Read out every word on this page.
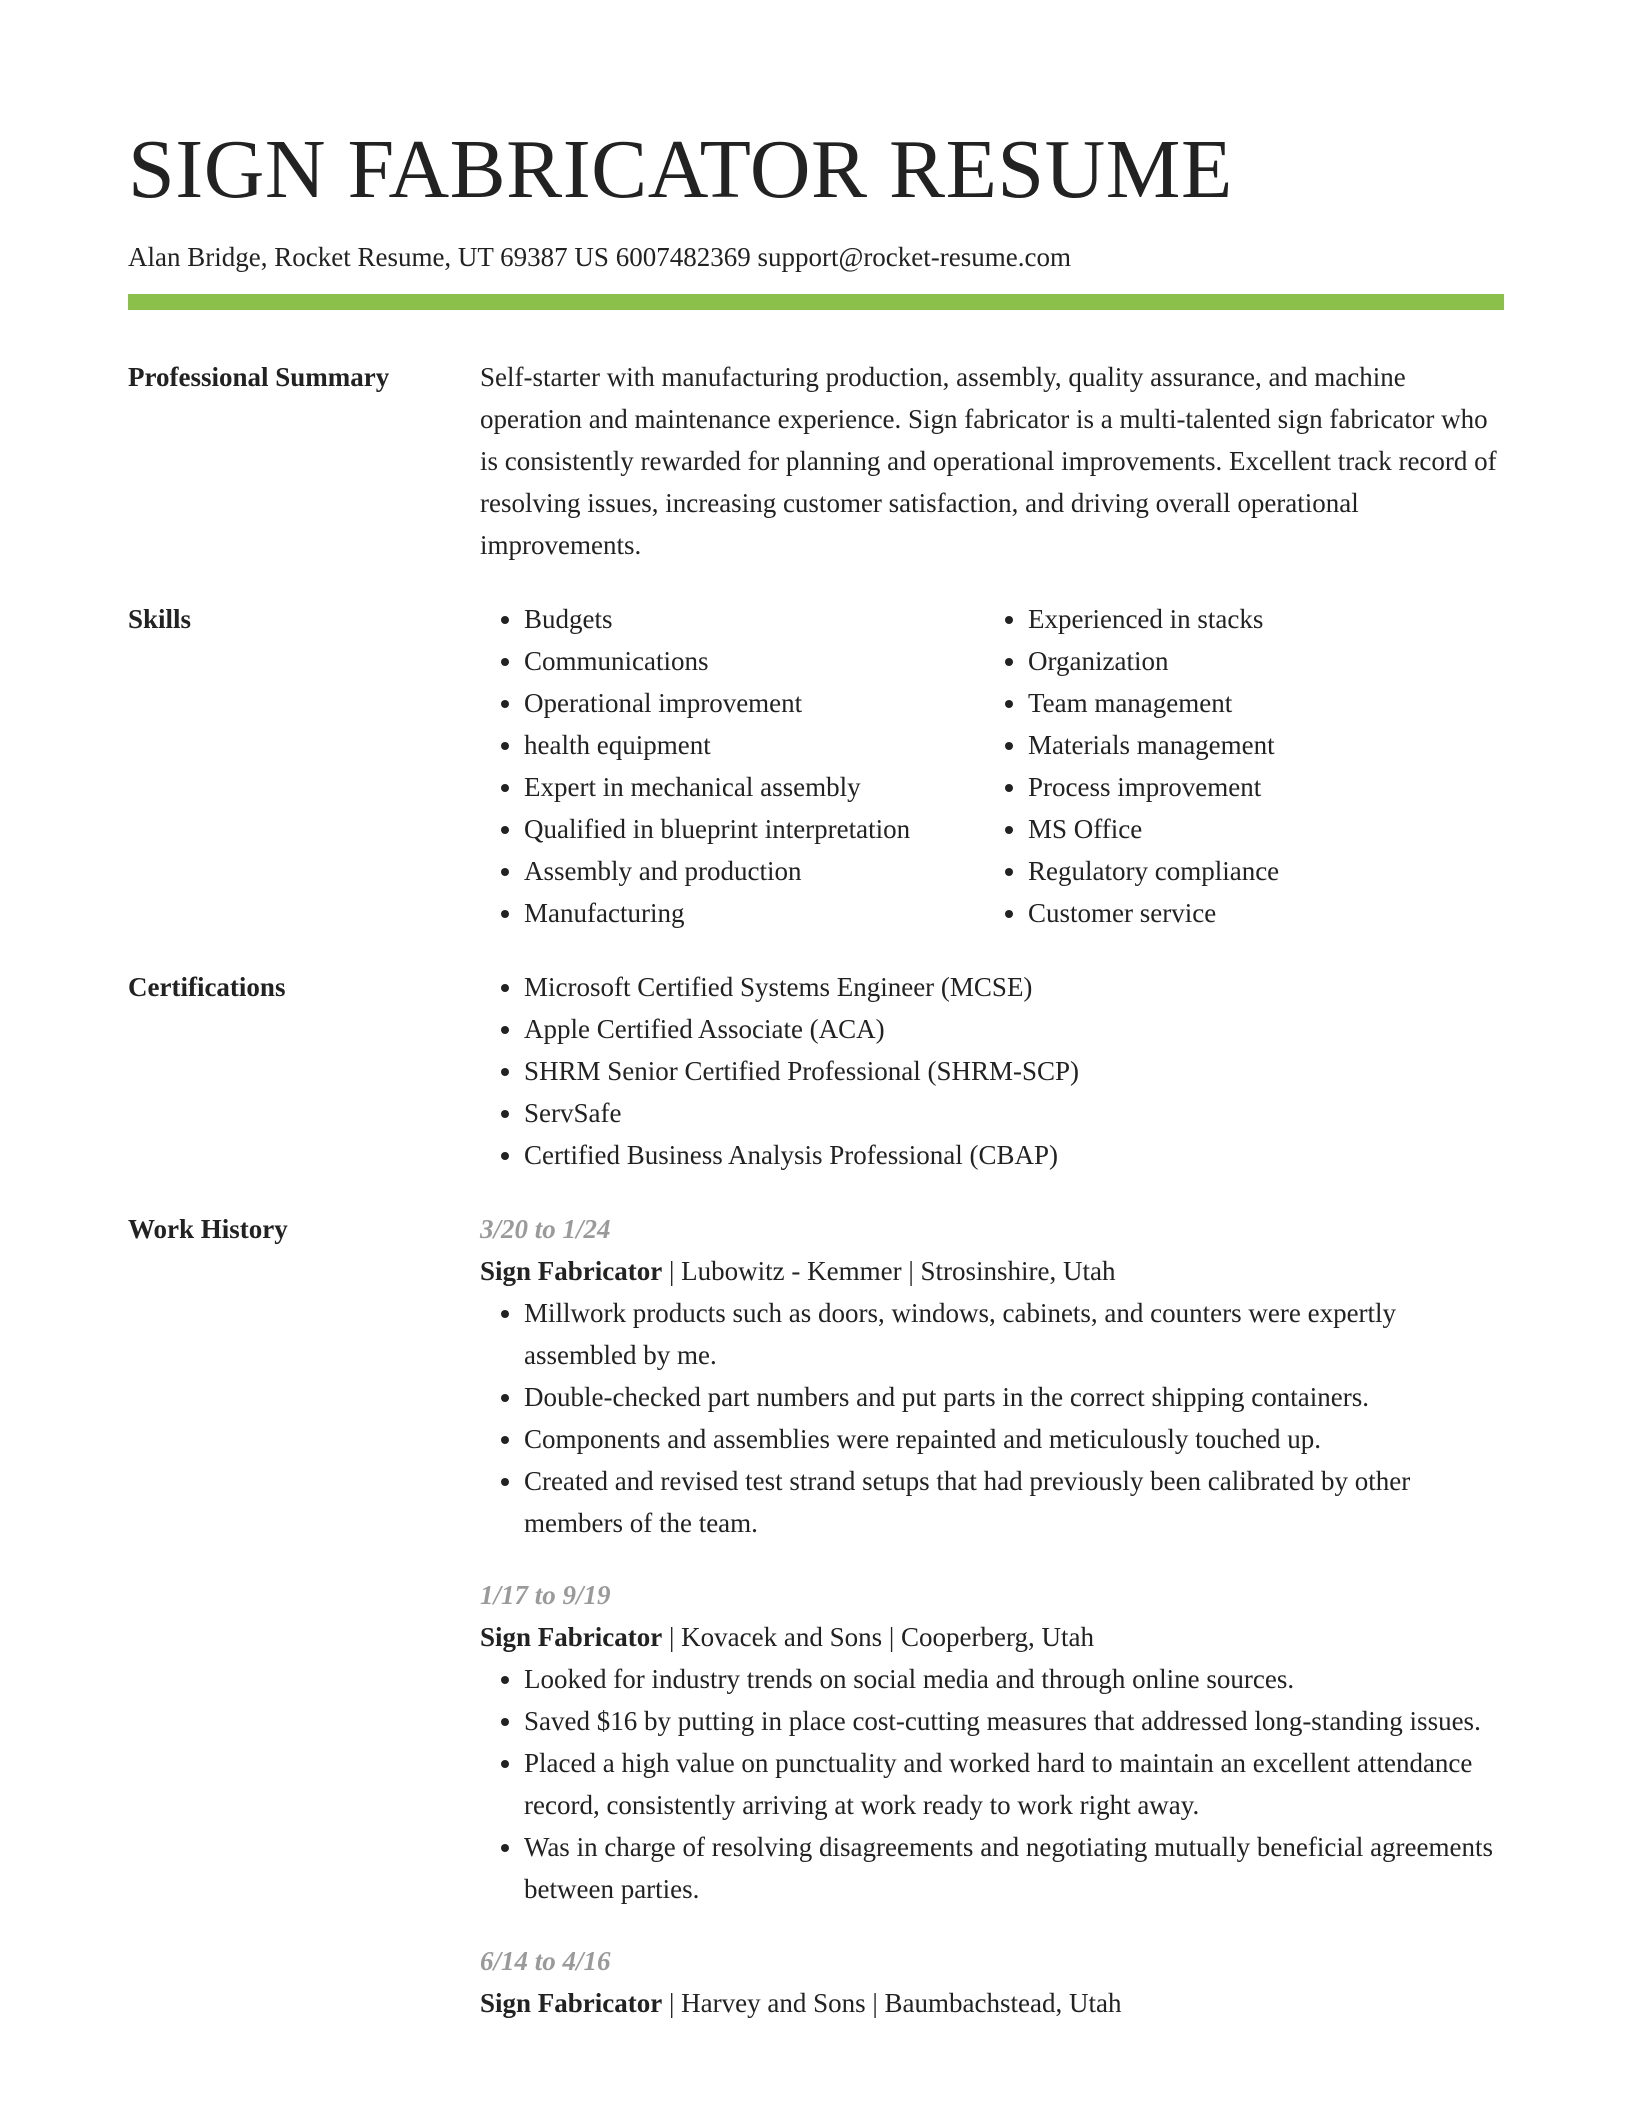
SIGN FABRICATOR RESUME
Alan Bridge, Rocket Resume, UT 69387 US 6007482369 support@rocket-resume.com
Professional Summary	Self-starter with manufacturing production, assembly, quality assurance, and machine operation and maintenance experience. Sign fabricator is a multi-talented sign fabricator who is consistently rewarded for planning and operational improvements. Excellent track record of resolving issues, increasing customer satisfaction, and driving overall operational improvements.

Skills	• Budgets
• Communications
• Operational improvement
• health equipment
• Expert in mechanical assembly
• Qualified in blueprint interpretation
• Assembly and production
• Manufacturing
• Experienced in stacks
• Organization
• Team management
• Materials management
• Process improvement
• MS Office
• Regulatory compliance
• Customer service
Certifications	• Microsoft Certified Systems Engineer (MCSE)
• Apple Certified Associate (ACA)
• SHRM Senior Certified Professional (SHRM-SCP)
• ServSafe
• Certified Business Analysis Professional (CBAP)
Work History	3/20 to 1/24
Sign Fabricator | Lubowitz - Kemmer | Strosinshire, Utah
• Millwork products such as doors, windows, cabinets, and counters were expertly assembled by me.
• Double-checked part numbers and put parts in the correct shipping containers.
• Components and assemblies were repainted and meticulously touched up.
• Created and revised test strand setups that had previously been calibrated by other members of the team.
1/17 to 9/19
Sign Fabricator | Kovacek and Sons | Cooperberg, Utah
• Looked for industry trends on social media and through online sources.
• Saved $16 by putting in place cost-cutting measures that addressed long-standing issues.
• Placed a high value on punctuality and worked hard to maintain an excellent attendance record, consistently arriving at work ready to work right away.
• Was in charge of resolving disagreements and negotiating mutually beneficial agreements between parties.
6/14 to 4/16
Sign Fabricator | Harvey and Sons | Baumbachstead, Utah
